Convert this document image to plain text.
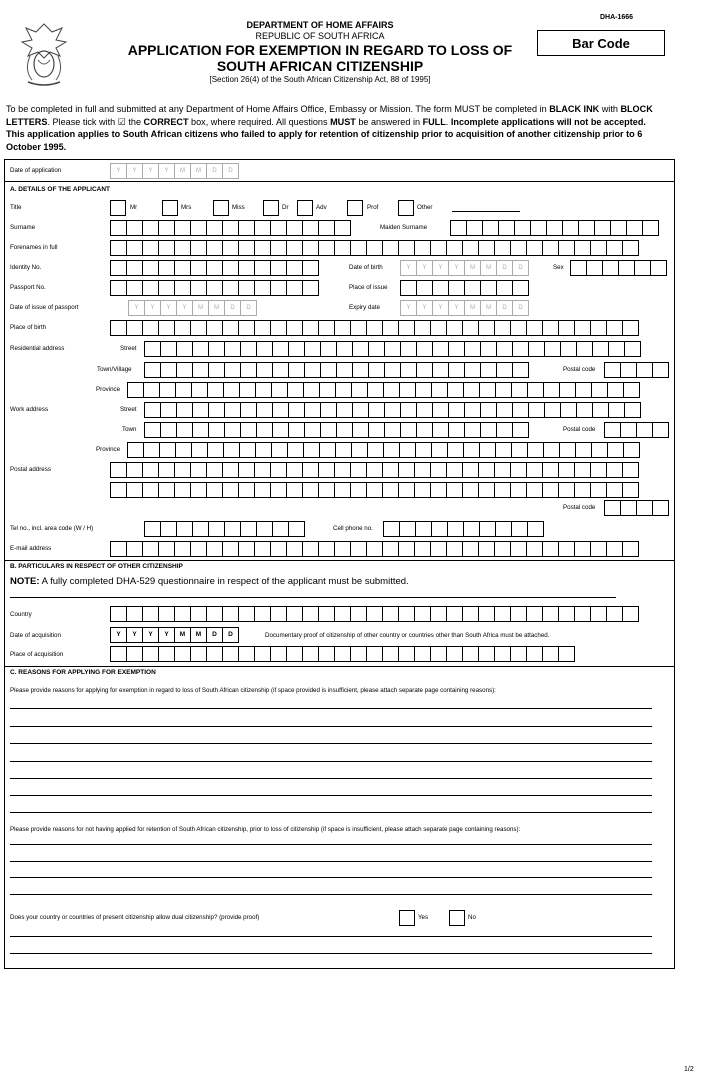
DHA-1666
Bar Code
DEPARTMENT OF HOME AFFAIRS
REPUBLIC OF SOUTH AFRICA
APPLICATION FOR EXEMPTION IN REGARD TO LOSS OF
SOUTH AFRICAN CITIZENSHIP
[Section 26(4) of the South African Citizenship Act, 88 of 1995]
To be completed in full and submitted at any Department of Home Affairs Office, Embassy or Mission. The form MUST be completed in BLACK INK with BLOCK LETTERS. Please tick with ☑ the CORRECT box, where required. All questions MUST be answered in FULL. Incomplete applications will not be accepted. This application applies to South African citizens who failed to apply for retention of citizenship prior to acquisition of another citizenship prior to 6 October 1995.
Date of application	Y	Y	Y	Y	M	M	D	D
A. DETAILS OF THE APPLICANT
Title	Mr	Mrs	Miss	Dr	Adv	Prof	Other
Surname	Maiden Surname
Forenames in full
Identity No.	Date of birth	Y	Y	Y	Y	M	M	D	D	Sex
Passport No.	Place of issue
Date of issue of passport	Y	Y	Y	Y	M	M	D	D	Expiry date	Y	Y	Y	Y	M	M	D	D
Place of birth
Residential address	Street
Town/Village	Postal code
Province
Work address	Street
Town	Postal code
Province
Postal address
Postal code
Tel no., incl. area code (W / H)	Cell phone no.
E-mail address
B. PARTICULARS IN RESPECT OF OTHER CITIZENSHIP
NOTE: A fully completed DHA-529 questionnaire in respect of the applicant must be submitted.
Country
Date of acquisition	Y	Y	Y	Y	M	M	D	D	Documentary proof of citizenship of other country or countries other than South Africa must be attached.
Place of acquisition
C. REASONS FOR APPLYING FOR EXEMPTION
Please provide reasons for applying for exemption in regard to loss of South African citizenship (if space provided is insufficient, please attach separate page containing reasons):
Please provide reasons for not having applied for retention of South African citizenship, prior to loss of citizenship (if space is insufficient, please attach separate page containing reasons):
Does your country or countries of present citizenship allow dual citizenship? (provide proof)	Yes	No
1/2
